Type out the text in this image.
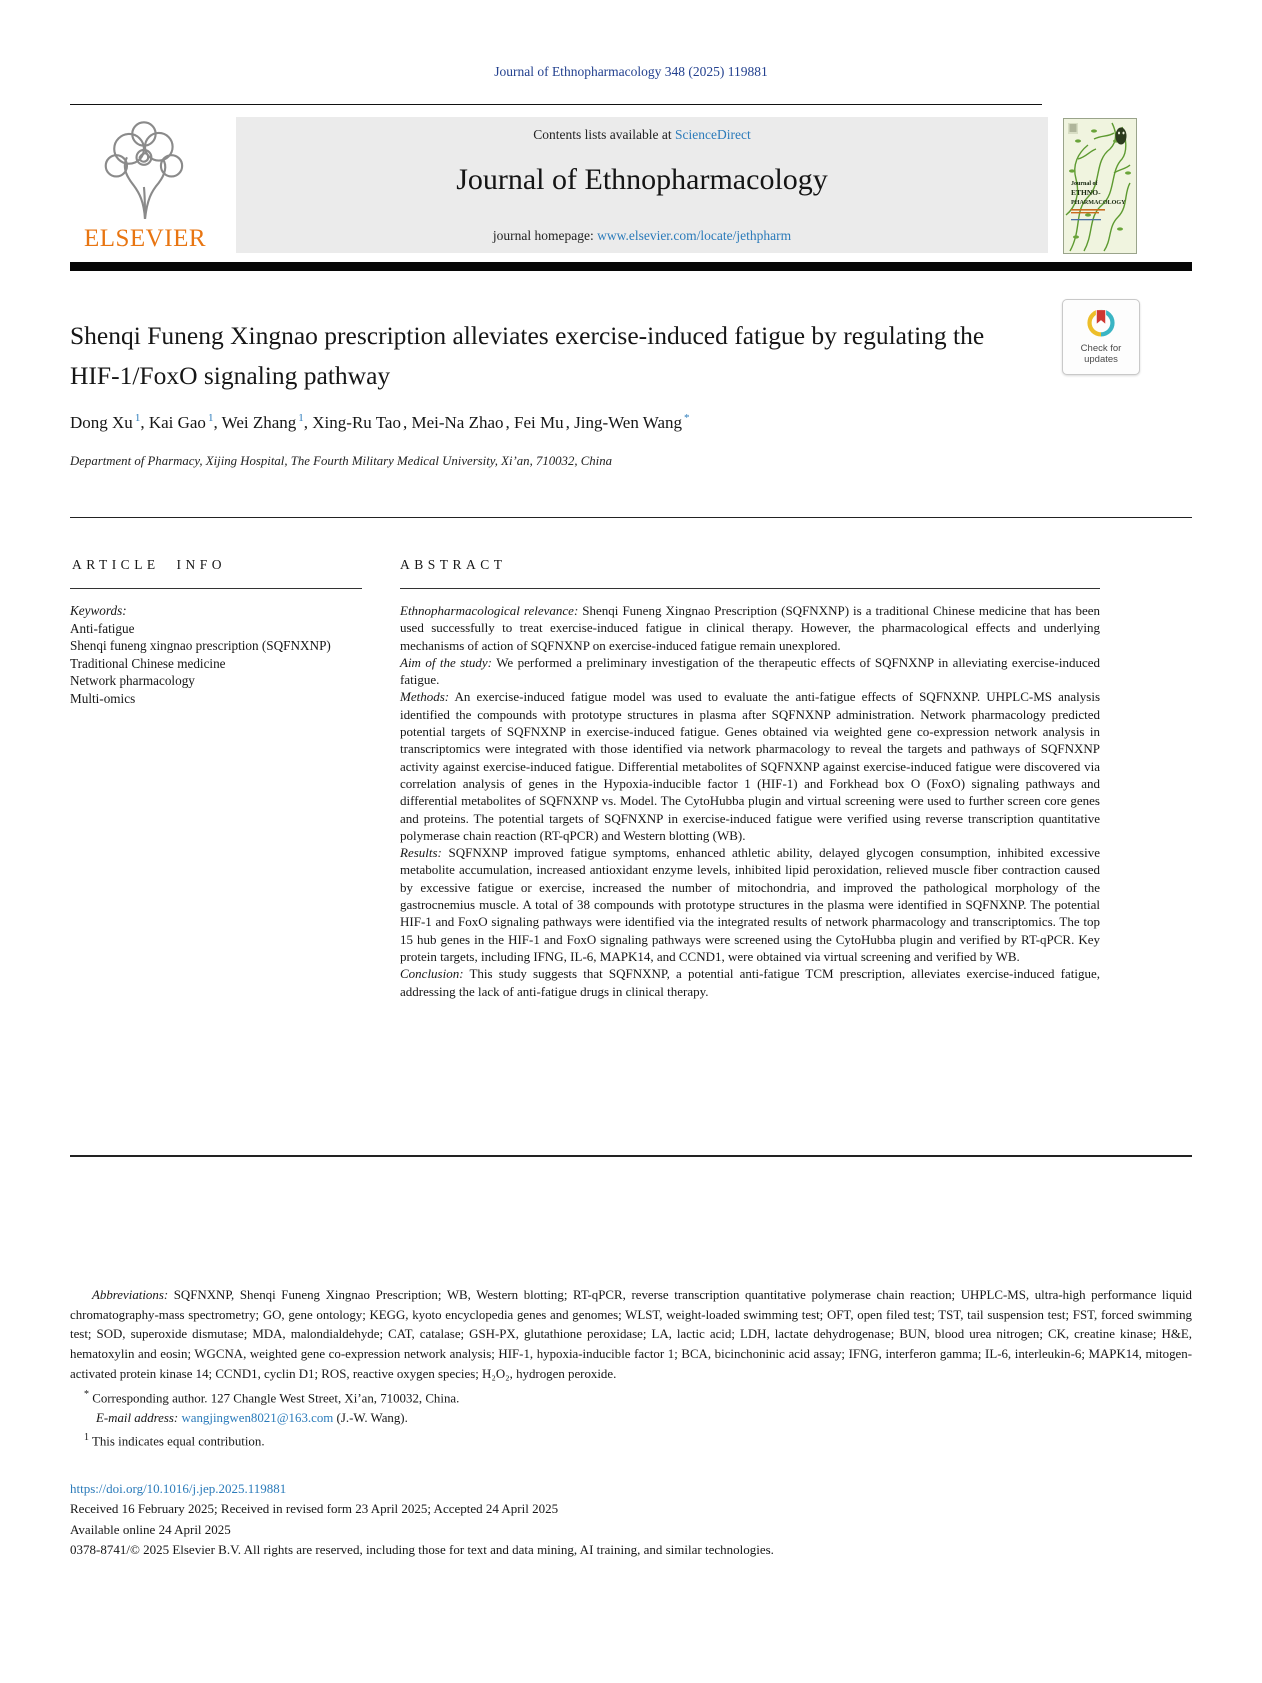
Journal of Ethnopharmacology 348 (2025) 119881
ELSEVIER
Contents lists available at ScienceDirect
Journal of Ethnopharmacology
journal homepage: www.elsevier.com/locate/jethpharm
Journal of
ETHNO-
PHARMACOLOGY
Shenqi Funeng Xingnao prescription alleviates exercise-induced fatigue by regulating the HIF-1/FoxO signaling pathway
Check for
updates
Dong Xu $^1$, Kai Gao $^1$, Wei Zhang $^1$, Xing-Ru Tao , Mei-Na Zhao , Fei Mu , Jing-Wen Wang *
Department of Pharmacy, Xijing Hospital, The Fourth Military Medical University, Xi’an, 710032, China
ARTICLE INFO	ABSTRACT
Keywords:
Anti-fatigue
Shenqi funeng xingnao prescription (SQFNXNP)
Traditional Chinese medicine
Network pharmacology
Multi-omics

Ethnopharmacological relevance: Shenqi Funeng Xingnao Prescription (SQFNXNP) is a traditional Chinese medicine that has been used successfully to treat exercise-induced fatigue in clinical therapy. However, the pharmacological effects and underlying mechanisms of action of SQFNXNP on exercise-induced fatigue remain unexplored.

Aim of the study: We performed a preliminary investigation of the therapeutic effects of SQFNXNP in alleviating exercise-induced fatigue.

Methods: An exercise-induced fatigue model was used to evaluate the anti-fatigue effects of SQFNXNP. UHPLC-MS analysis identified the compounds with prototype structures in plasma after SQFNXNP administration. Network pharmacology predicted potential targets of SQFNXNP in exercise-induced fatigue. Genes obtained via weighted gene co-expression network analysis in transcriptomics were integrated with those identified via network pharmacology to reveal the targets and pathways of SQFNXNP activity against exercise-induced fatigue. Differential metabolites of SQFNXNP against exercise-induced fatigue were discovered via correlation analysis of genes in the Hypoxia-inducible factor 1 (HIF-1) and Forkhead box O (FoxO) signaling pathways and differential metabolites of SQFNXNP vs. Model. The CytoHubba plugin and virtual screening were used to further screen core genes and proteins. The potential targets of SQFNXNP in exercise-induced fatigue were verified using reverse transcription quantitative polymerase chain reaction (RT-qPCR) and Western blotting (WB).

Results: SQFNXNP improved fatigue symptoms, enhanced athletic ability, delayed glycogen consumption, inhibited excessive metabolite accumulation, increased antioxidant enzyme levels, inhibited lipid peroxidation, relieved muscle fiber contraction caused by excessive fatigue or exercise, increased the number of mitochondria, and improved the pathological morphology of the gastrocnemius muscle. A total of 38 compounds with prototype structures in the plasma were identified in SQFNXNP. The potential HIF-1 and FoxO signaling pathways were identified via the integrated results of network pharmacology and transcriptomics. The top 15 hub genes in the HIF-1 and FoxO signaling pathways were screened using the CytoHubba plugin and verified by RT-qPCR. Key protein targets, including IFNG, IL-6, MAPK14, and CCND1, were obtained via virtual screening and verified by WB.

Conclusion: This study suggests that SQFNXNP, a potential anti-fatigue TCM prescription, alleviates exercise-induced fatigue, addressing the lack of anti-fatigue drugs in clinical therapy.

Abbreviations: SQFNXNP, Shenqi Funeng Xingnao Prescription; WB, Western blotting; RT-qPCR, reverse transcription quantitative polymerase chain reaction; UHPLC-MS, ultra-high performance liquid chromatography-mass spectrometry; GO, gene ontology; KEGG, kyoto encyclopedia genes and genomes; WLST, weight-loaded swimming test; OFT, open filed test; TST, tail suspension test; FST, forced swimming test; SOD, superoxide dismutase; MDA, malondialdehyde; CAT, catalase; GSH-PX, glutathione peroxidase; LA, lactic acid; LDH, lactate dehydrogenase; BUN, blood urea nitrogen; CK, creatine kinase; H&E, hematoxylin and eosin; WGCNA, weighted gene co-expression network analysis; HIF-1, hypoxia-inducible factor 1; BCA, bicinchoninic acid assay; IFNG, interferon gamma; IL-6, interleukin-6; MAPK14, mitogen-activated protein kinase 14; CCND1, cyclin D1; ROS, reactive oxygen species; H₂O₂, hydrogen peroxide.

* Corresponding author. 127 Changle West Street, Xi’an, 710032, China.

E-mail address: wangjingwen8021@163.com (J.-W. Wang).

$^1$ This indicates equal contribution.

https://doi.org/10.1016/j.jep.2025.119881
Received 16 February 2025; Received in revised form 23 April 2025; Accepted 24 April 2025
Available online 24 April 2025
0378-8741/© 2025 Elsevier B.V. All rights are reserved, including those for text and data mining, AI training, and similar technologies.
